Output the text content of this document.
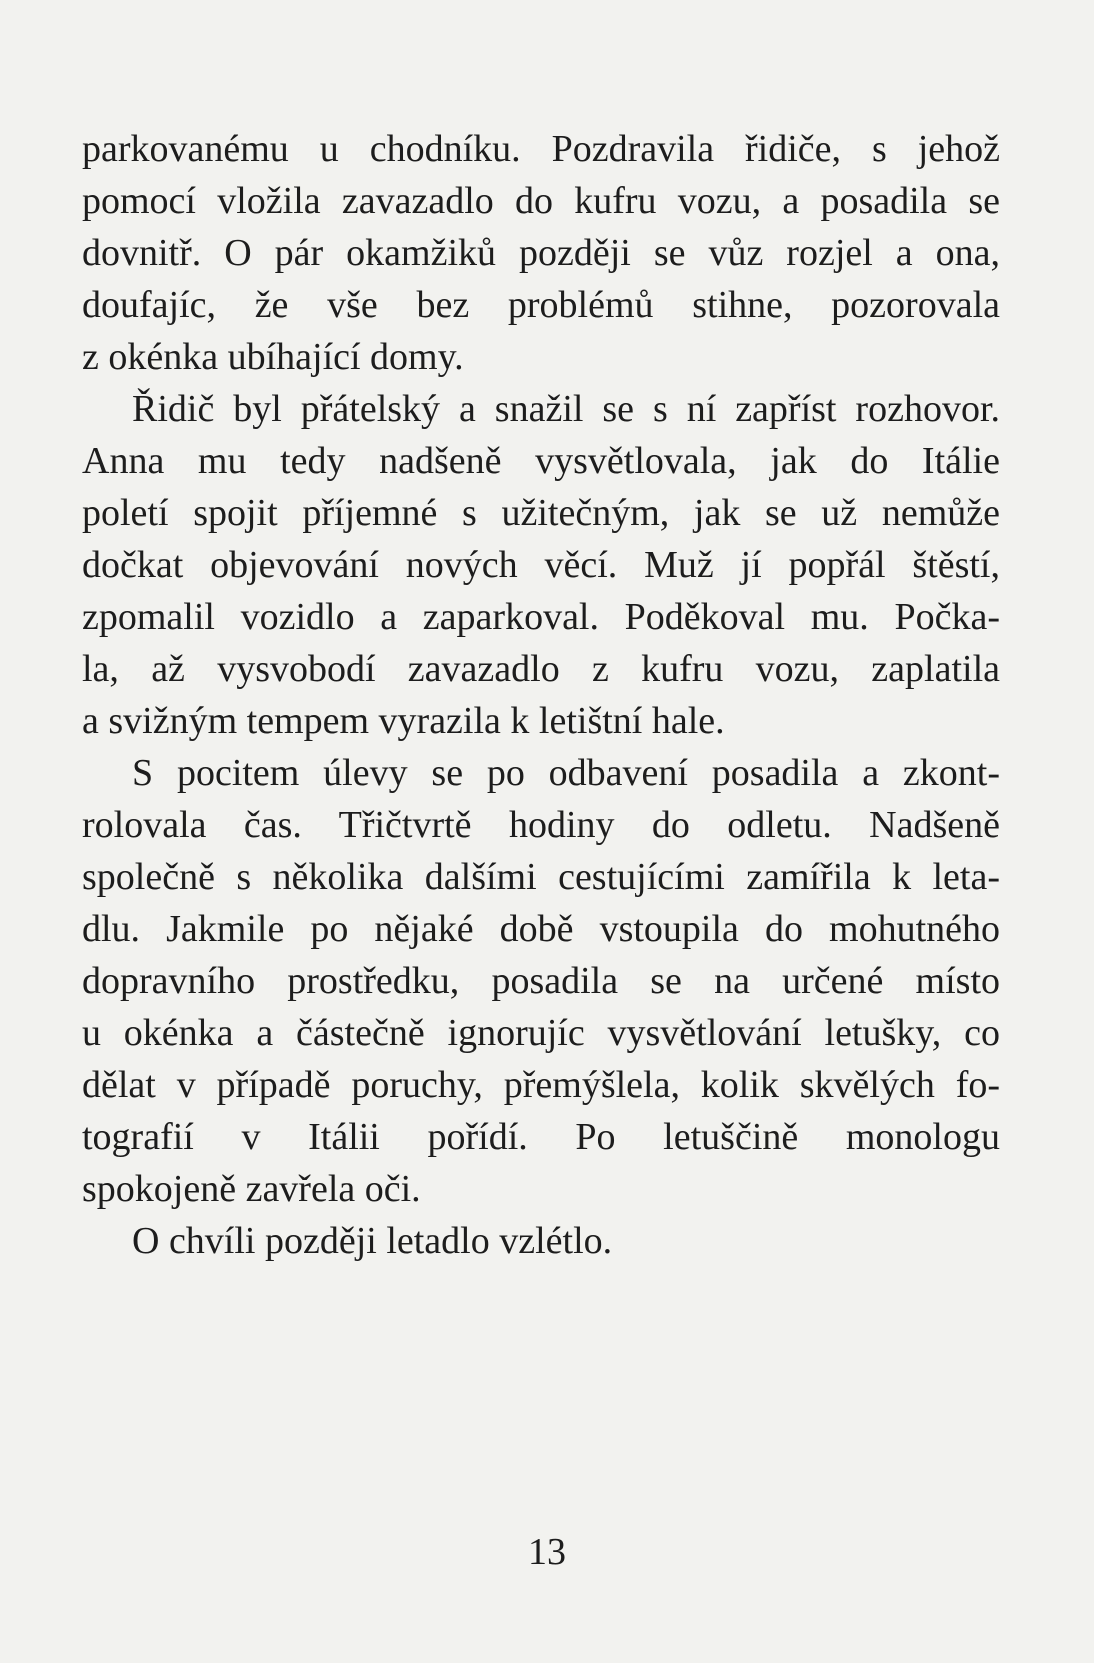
parkovanému u chodníku. Pozdravila řidiče, s jehož
pomocí vložila zavazadlo do kufru vozu, a posadila se
dovnitř. O pár okamžiků později se vůz rozjel a ona,
doufajíc, že vše bez problémů stihne, pozorovala
z okénka ubíhající domy.
Řidič byl přátelský a snažil se s ní zapříst rozhovor.
Anna mu tedy nadšeně vysvětlovala, jak do Itálie
poletí spojit příjemné s užitečným, jak se už nemůže
dočkat objevování nových věcí. Muž jí popřál štěstí,
zpomalil vozidlo a zaparkoval. Poděkoval mu. Počka-
la, až vysvobodí zavazadlo z kufru vozu, zaplatila
a svižným tempem vyrazila k letištní hale.
S pocitem úlevy se po odbavení posadila a zkont-
rolovala čas. Třičtvrtě hodiny do odletu. Nadšeně
společně s několika dalšími cestujícími zamířila k leta-
dlu. Jakmile po nějaké době vstoupila do mohutného
dopravního prostředku, posadila se na určené místo
u okénka a částečně ignorujíc vysvětlování letušky, co
dělat v případě poruchy, přemýšlela, kolik skvělých fo-
tografií v Itálii pořídí. Po letuščině monologu
spokojeně zavřela oči.
O chvíli později letadlo vzlétlo.
13
